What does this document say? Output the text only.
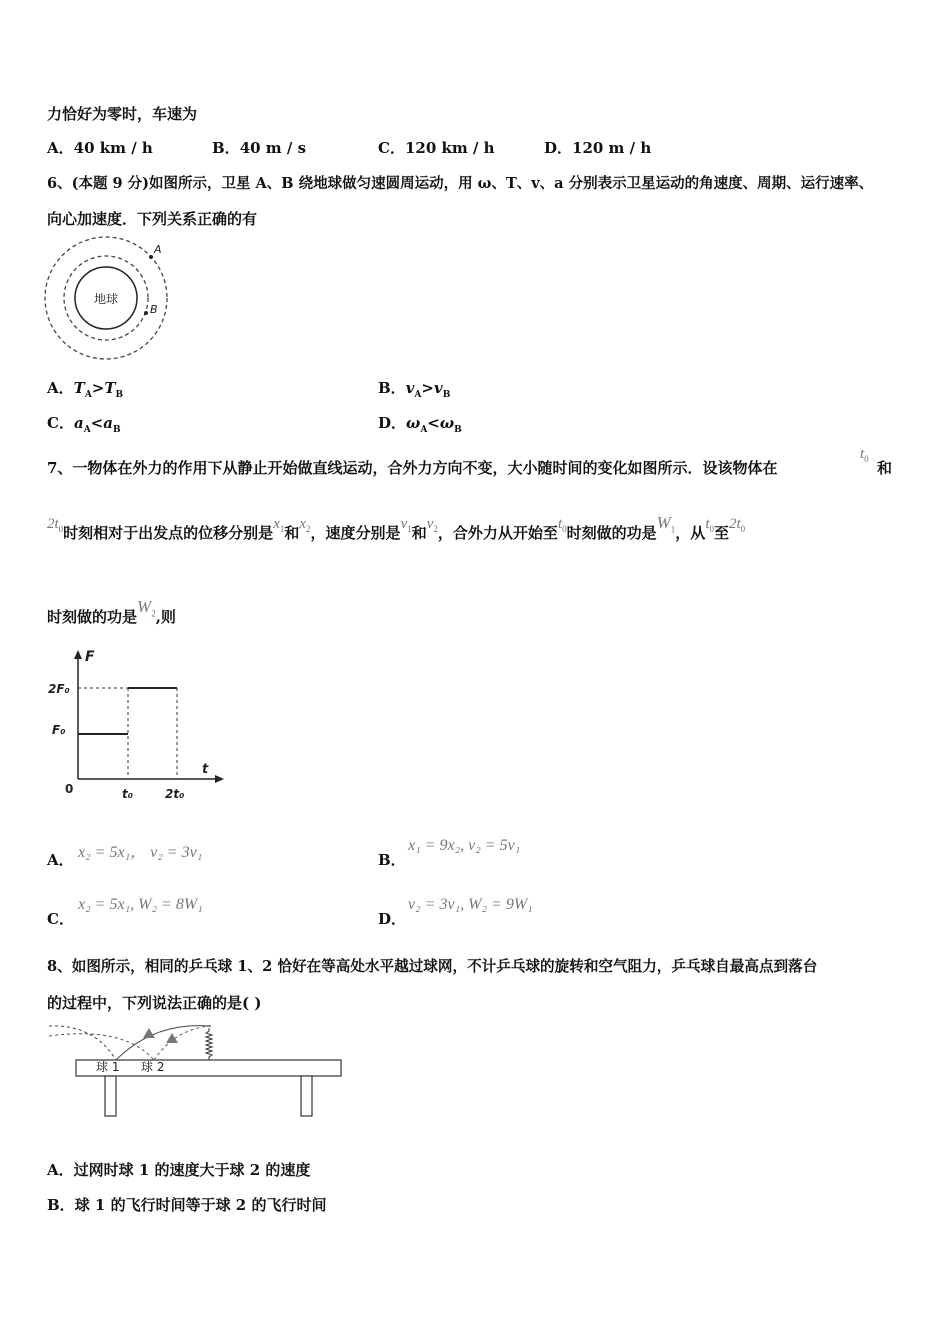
力恰好为零时，车速为
A．40 km / h	B．40 m / s	C．120 km / h	D．120 m / h
6、(本题 9 分)如图所示，卫星 A、B 绕地球做匀速圆周运动，用 ω、T、v、a 分别表示卫星运动的角速度、周期、运行速率、
向心加速度．下列关系正确的有
地球
A
B
A．$T_A>T_B$	B．$v_A>v_B$
C．$a_A<a_B$	D．$\omega_A<\omega_B$
7、一物体在外力的作用下从静止开始做直线运动，合外力方向不变，大小随时间的变化如图所示．设该物体在
$t_0$ 和
$2t_0$时刻相对于出发点的位移分别是$x_1$和$x_2$，速度分别是$v_1$和$v_2$，合外力从开始至$t_0$时刻做的功是$W_1$，从$t_0$至$2t_0$
时刻做的功是$W_2$,则
F
t
0
2F₀
F₀
t₀	2t₀
A． x₂ = 5x₁， v₂ = 3v₁	B．
x₁ = 9x₂, v₂ = 5v₁
C．
x₂ = 5x₁, W₂ = 8W₁
D．
v₂ = 3v₁, W₂ = 9W₁
8、如图所示，相同的乒乓球 1、2 恰好在等高处水平越过球网，不计乒乓球的旋转和空气阻力，乒乓球自最高点到落台
的过程中，下列说法正确的是( )
球 1 球 2
A．过网时球 1 的速度大于球 2 的速度
B．球 1 的飞行时间等于球 2 的飞行时间
